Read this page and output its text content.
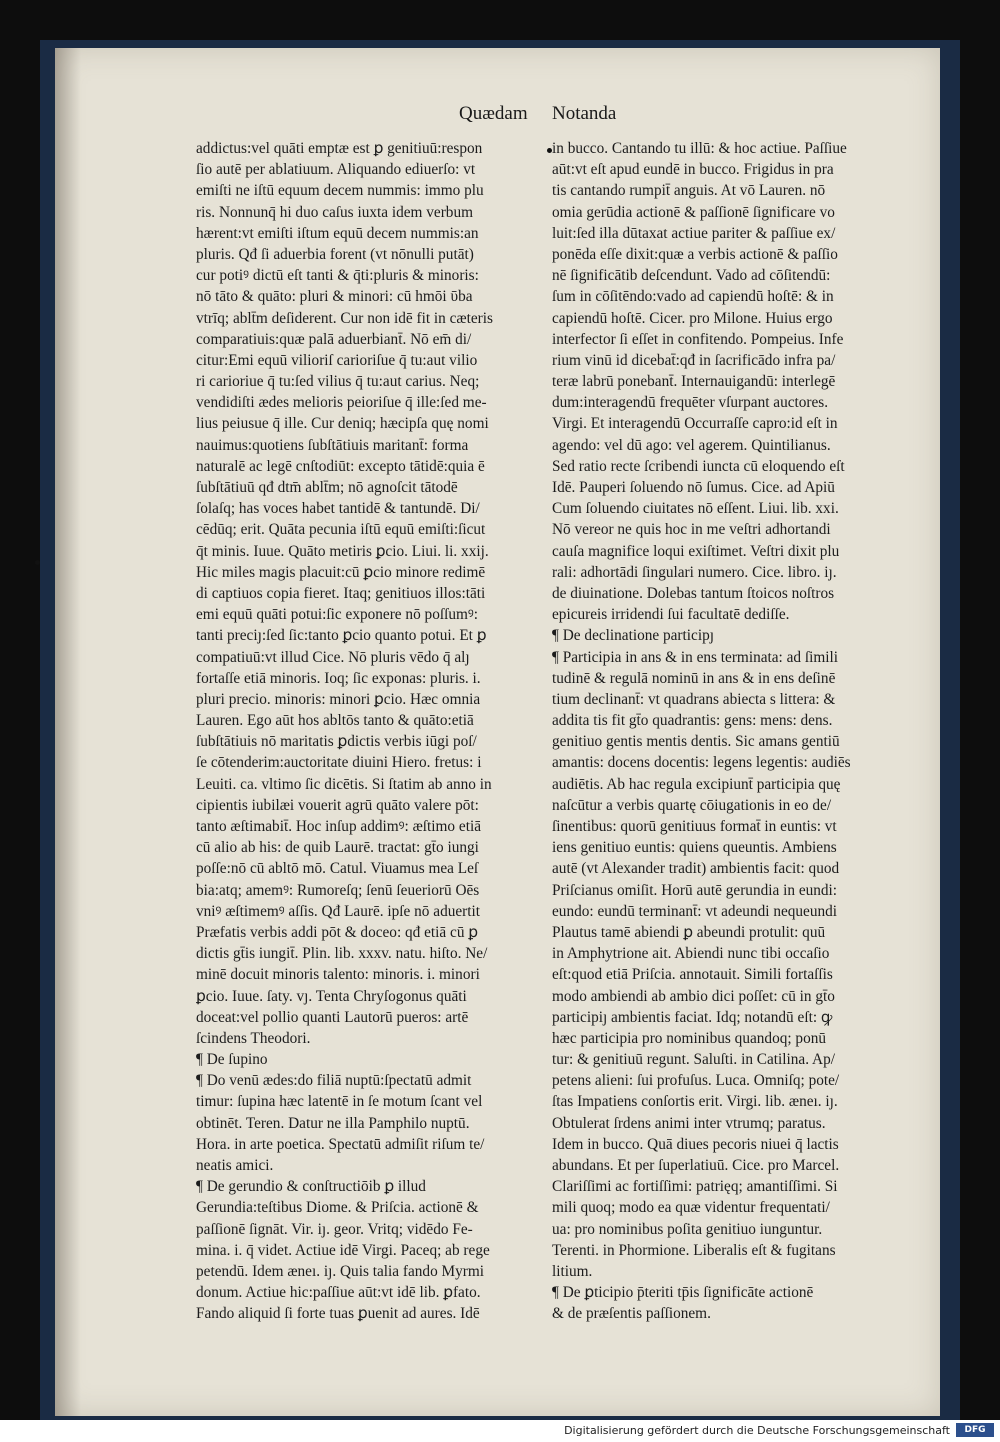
Quædam Notanda
addictus:vel quāti emptæ est ꝑ genitiuū:respon
ſio autē per ablatiuum. Aliquando ediuerſo: vt
emiſti ne iſtū equum decem nummis: immo plu
ris. Nonnunq̄ hi duo caſus iuxta idem verbum
hærent:vt emiſti iſtum equū decem nummis:an
pluris. Qđ ſi aduerbia forent (vt nōnulli putāt)
cur potiꝰ dictū eſt tanti & q̄ti:pluris & minoris:
nō tāto & quāto: pluri & minori: cū hmōi ῡba
vtrīq; ablt̄m deſiderent. Cur non idē fit in cæteris
comparatiuis:quæ palā aduerbiant̄. Nō em̄ di/
citur:Emi equū vilioriſ carioriſue q̄ tu:aut vilio
ri carioriue q̄ tu:ſed vilius q̄ tu:aut carius. Neq;
vendidiſti ædes melioris peioriſue q̄ ille:ſed me-
lius peiusue q̄ ille. Cur deniq; hæcipſa quę nomi
nauimus:quotiens ſubſtātiuis maritant̄: forma
naturalē ac legē cnſtodiūt: excepto tātidē:quia ē
ſubſtātiuū qđ dtm̄ ablt̄m; nō agnoſcit tātodē
ſolaſq; has voces habet tantidē & tantundē. Di/
cēdūq; erit. Quāta pecunia iſtū equū emiſti:ſicut
q̄t minis. Iuue. Quāto metiris ꝑcio. Liui. li. xxij.
Hic miles magis placuit:cū ꝑcio minore redimē
di captiuos copia fieret. Itaq; genitiuos illos:tāti
emi equū quāti potui:ſic exponere nō poſſumꝰ:
tanti preciȷ:ſed ſic:tanto ꝑcio quanto potui. Et ꝑ
compatiuū:vt illud Cice. Nō pluris vēdo q̄ alȷ
fortaſſe etiā minoris. Ioq; ſic exponas: pluris. i.
pluri precio. minoris: minori ꝑcio. Hæc omnia
Lauren. Ego aūt hos abltōs tanto & quāto:etiā
ſubſtātiuis nō maritatis ꝑdictis verbis iūgi poſ/
ſe cōtenderim:auctoritate diuini Hiero. fretus: i
Leuiti. ca. vltimo ſic dicētis. Si ſtatim ab anno in
cipientis iubilæi vouerit agrū quāto valere pōt:
tanto æſtimabit̄. Hoc inſup addimꝰ: æſtimo etiā
cū alio ab his: de quib Laurē. tractat: gt̄o iungi
poſſe:nō cū abltō mō. Catul. Viuamus mea Leſ
bia:atq; amemꝰ: Rumoreſq; ſenū ſeueriorū Oēs
vniꝰ æſtimemꝰ aſſis. Qđ Laurē. ipſe nō aduertit
Præfatis verbis addi pōt & doceo: qđ etiā cū ꝑ
dictis gt̄is iungit̄. Plin. lib. xxxv. natu. hiſto. Ne/
minē docuit minoris talento: minoris. i. minori
ꝑcio. Iuue. ſaty. vȷ. Tenta Chryſogonus quāti
doceat:vel pollio quanti Lautorū pueros: artē
ſcindens Theodori.
¶ De ſupino
¶ Do venū ædes:do filiā nuptū:ſpectatū admit
timur: ſupina hæc latentē in ſe motum ſcant vel
obtinēt. Teren. Datur ne illa Pamphilo nuptū.
Hora. in arte poetica. Spectatū admiſit riſum te/
neatis amici.
¶ De gerundio & conſtructiōib ꝑ illud
Gerundia:teſtibus Diome. & Priſcia. actionē &
paſſionē ſignāt. Vir. iȷ. geor. Vritq; vidēdo Fe-
mina. i. q̄ videt. Actiue idē Virgi. Paceq; ab rege
petendū. Idem æneı. iȷ. Quis talia fando Myrmi
donum. Actiue hic:paſſiue aūt:vt idē lib. ꝑfato.
Fando aliquid ſi forte tuas ꝑuenit ad aures. Idē
in bucco. Cantando tu illū: & hoc actiue. Paſſiue
aūt:vt eſt apud eundē in bucco. Frigidus in pra
tis cantando rumpit̄ anguis. At vō Lauren. nō
omia gerūdia actionē & paſſionē ſignificare vo
luit:ſed illa dūtaxat actiue pariter & paſſiue ex/
ponēda eſſe dixit:quæ a verbis actionē & paſſio
nē ſignificātib deſcendunt. Vado ad cōſitendū:
ſum in cōſitēndo:vado ad capiendū hoſtē: & in
capiendū hoſtē. Cicer. pro Milone. Huius ergo
interfector ſi eſſet in confitendo. Pompeius. Infe
rium vinū id dicebat̄:qđ in ſacrificādo infra pa/
teræ labrū ponebant̄. Internauigandū: interlegē
dum:interagendū frequēter vſurpant auctores.
Virgi. Et interagendū Occurraſſe capro:id eſt in
agendo: vel dū ago: vel agerem. Quintilianus.
Sed ratio recte ſcribendi iuncta cū eloquendo eſt
Idē. Pauperi ſoluendo nō ſumus. Cice. ad Apiū
Cum ſoluendo ciuitates nō eſſent. Liui. lib. xxi.
Nō vereor ne quis hoc in me veſtri adhortandi
cauſa magnifice loqui exiſtimet. Veſtri dixit plu
rali: adhortādi ſingulari numero. Cice. libro. iȷ.
de diuinatione. Dolebas tantum ſtoicos noſtros
epicureis irridendi ſui facultatē dediſſe.
¶ De declinatione participȷ
¶ Participia in ans & in ens terminata: ad ſimili
tudinē & regulā nominū in ans & in ens deſinē
tium declinant̄: vt quadrans abiecta s littera: &
addita tis fit gt̄o quadrantis: gens: mens: dens.
genitiuo gentis mentis dentis. Sic amans gentiū
amantis: docens docentis: legens legentis: audiēs
audiētis. Ab hac regula excipiunt̄ participia quę
naſcūtur a verbis quartę cōiugationis in eo de/
ſinentibus: quorū genitiuus format̄ in euntis: vt
iens genitiuo euntis: quiens queuntis. Ambiens
autē (vt Alexander tradit) ambientis facit: quod
Priſcianus omiſit. Horū autē gerundia in eundi:
eundo: eundū terminant̄: vt adeundi nequeundi
Plautus tamē abiendi ꝑ abeundi protulit: quū
in Amphytrione ait. Abiendi nunc tibi occaſio
eſt:quod etiā Priſcia. annotauit. Simili fortaſſis
modo ambiendi ab ambio dici poſſet: cū in gt̄o
participiȷ ambientis faciat. Idq; notandū eſt: ꝙ
hæc participia pro nominibus quandoq; ponū
tur: & genitiuū regunt. Saluſti. in Catilina. Ap/
petens alieni: ſui profuſus. Luca. Omniſq; pote/
ſtas Impatiens conſortis erit. Virgi. lib. æneı. iȷ.
Obtulerat ſrdens animi inter vtrumq; paratus.
Idem in bucco. Quā diues pecoris niuei q̄ lactis
abundans. Et per ſuperlatiuū. Cice. pro Marcel.
Clariſſimi ac fortiſſimi: patrięq; amantiſſimi. Si
mili quoq; modo ea quæ videntur frequentati/
ua: pro nominibus poſita genitiuo iunguntur.
Terenti. in Phormione. Liberalis eſt & fugitans
litium.
¶ De ꝑticipio p̄teriti tp̄is ſignificāte actionē
& de præſentis paſſionem.
Digitalisierung gefördert durch die Deutsche Forschungsgemeinschaft	DFG
